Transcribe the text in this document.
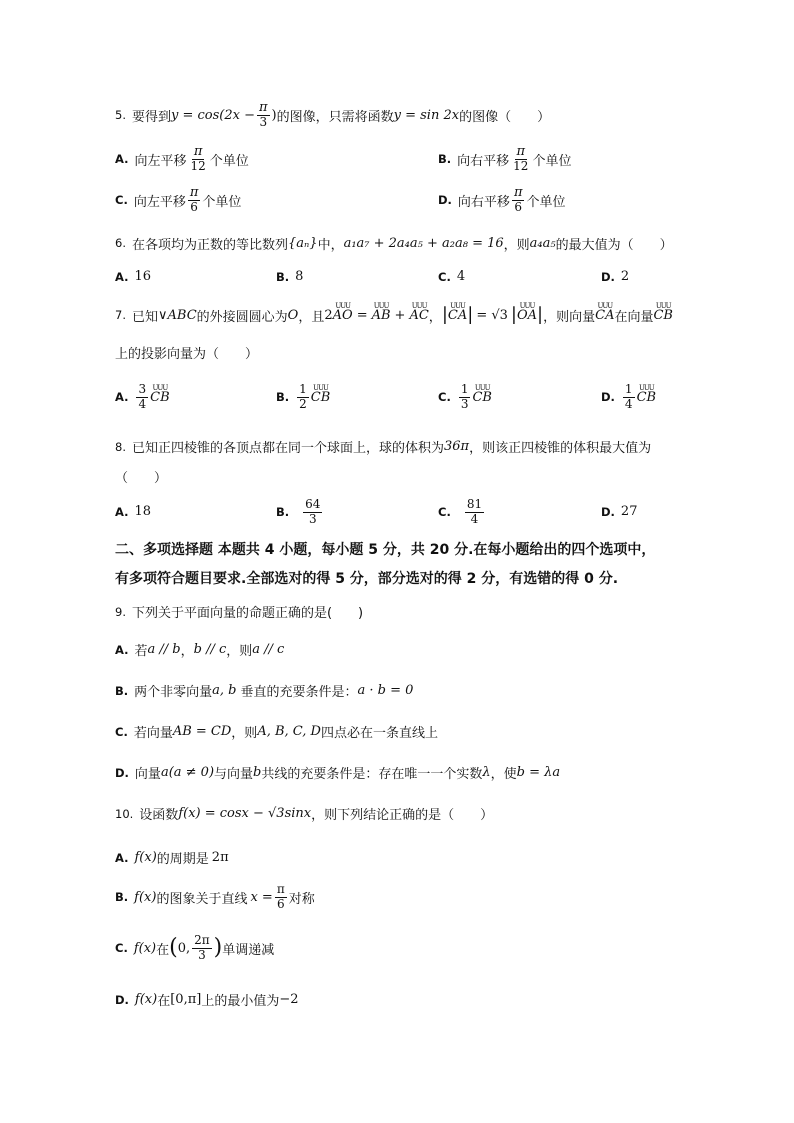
5. 要得到 $y = \cos(2x - \frac{\pi}{3}$ ) 的图像，只需将函数 y = sin 2x 的图像（　　）
A. 向左平移 $\frac{\pi}{12}$ 个单位	B. 向右平移 $\frac{\pi}{12}$ 个单位
C. 向左平移 $\frac{\pi}{6}$ 个单位	D. 向右平移 $\frac{\pi}{6}$ 个单位
6. 在各项均为正数的等比数列 {aₙ} 中， a₁a₇ + 2a₄a₅ + a₂a₈ = 16 ，则 a₄a₅ 的最大值为（　　）
A. 16	B. 8	C. 4	D. 2
7. 已知 ∨ABC 的外接圆圆心为 O ，且 2
UUU
AO =
UUU
AB +
UUU
AC ， | UUU
CA | = √3 | UUU
OA | ，则向量
UUU
CA 在向量
UUU
CB
上的投影向量为（　　）
A. $\frac{3}{4}$ UUU
CB	B. $\frac{1}{2}$ UUU
CB	C. $\frac{1}{3}$ UUU
CB	D. $\frac{1}{4}$ UUU
CB
8. 已知正四棱锥的各顶点都在同一个球面上，球的体积为 36π ，则该正四棱锥的体积最大值为
（　　）
A. 18	B. $\frac{64}{3}$	C. $\frac{81}{4}$	D. 27
二、多项选择题 本题共 4 小题，每小题 5 分，共 20 分.在每小题给出的四个选项中，
有多项符合题目要求.全部选对的得 5 分，部分选对的得 2 分，有选错的得 0 分.
9. 下列关于平面向量的命题正确的是(　　)
A. 若 a // b ， b // c ，则 a // c
B. 两个非零向量 a, b 垂直的充要条件是： a · b = 0
C. 若向量 AB = CD ，则 A, B, C, D 四点必在一条直线上
D. 向量 a (a ≠ 0) 与向量 b 共线的充要条件是：存在唯一一个实数 λ ，使 b = λa
10. 设函数 f(x) = cosx − √3sinx ，则下列结论正确的是（　　）
A. f(x) 的周期是 2π
B. f(x) 的图象关于直线 $x = \frac{\pi}{6}$ 对称
C. f(x) 在 ( 0, $\frac{2\pi}{3}$ ) 单调递减
D. f(x) 在 [0,π] 上的最小值为 −2
